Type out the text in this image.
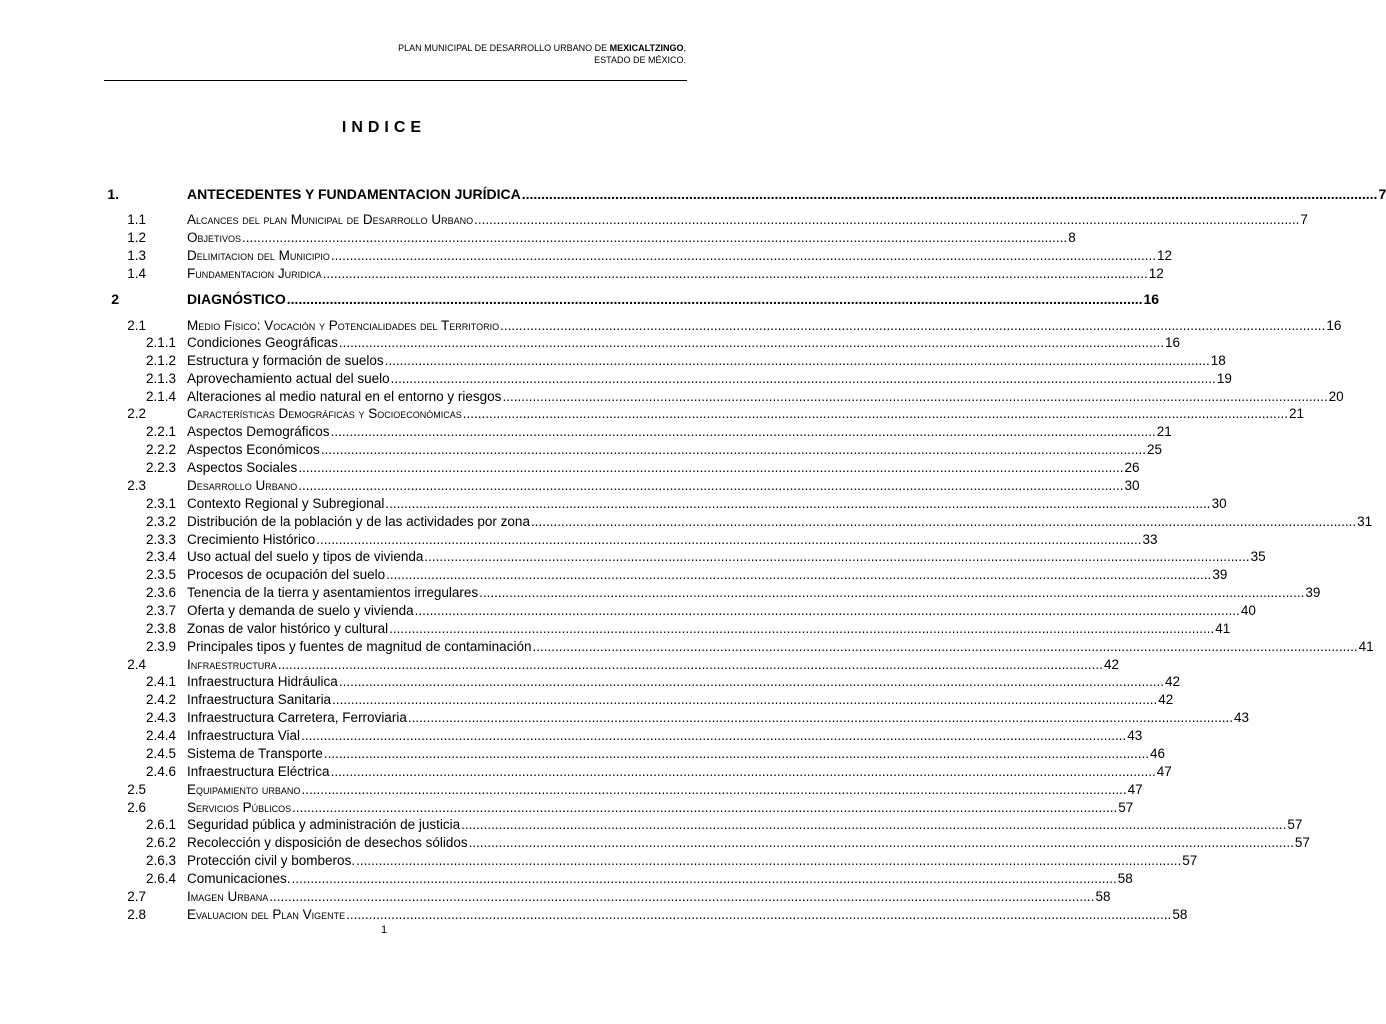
PLAN MUNICIPAL DE DESARROLLO URBANO DE MEXICALTZINGO,
ESTADO DE MÉXICO.
INDICE
1.	ANTECEDENTES Y FUNDAMENTACION JURÍDICA ............................................................................................................................................................................................................................ 7
1.1	Alcances del plan Municipal de Desarrollo Urbano ............................................................................................................................................................................................................................ 7
1.2	Objetivos ............................................................................................................................................................................................................................ 8
1.3	Delimitacion del Municipio ............................................................................................................................................................................................................................ 12
1.4	Fundamentacion Juridica ............................................................................................................................................................................................................................ 12
2	DIAGNÓSTICO ............................................................................................................................................................................................................................ 16
2.1	Medio Físico: Vocación y Potencialidades del Territorio ............................................................................................................................................................................................................................ 16
2.1.1 Condiciones Geográficas ............................................................................................................................................................................................................................ 16
2.1.2 Estructura y formación de suelos ............................................................................................................................................................................................................................ 18
2.1.3 Aprovechamiento actual del suelo ............................................................................................................................................................................................................................ 19
2.1.4 Alteraciones al medio natural en el entorno y riesgos ............................................................................................................................................................................................................................ 20
2.2	Características Demográficas y Socioeconómicas ............................................................................................................................................................................................................................ 21
2.2.1 Aspectos Demográficos ............................................................................................................................................................................................................................ 21
2.2.2 Aspectos Económicos ............................................................................................................................................................................................................................ 25
2.2.3 Aspectos Sociales ............................................................................................................................................................................................................................ 26
2.3	Desarrollo Urbano ............................................................................................................................................................................................................................ 30
2.3.1 Contexto Regional y Subregional ............................................................................................................................................................................................................................ 30
2.3.2 Distribución de la población y de las actividades por zona ............................................................................................................................................................................................................................ 31
2.3.3 Crecimiento Histórico ............................................................................................................................................................................................................................ 33
2.3.4 Uso actual del suelo y tipos de vivienda ............................................................................................................................................................................................................................ 35
2.3.5 Procesos de ocupación del suelo ............................................................................................................................................................................................................................ 39
2.3.6 Tenencia de la tierra y asentamientos irregulares ............................................................................................................................................................................................................................ 39
2.3.7 Oferta y demanda de suelo y vivienda ............................................................................................................................................................................................................................ 40
2.3.8 Zonas de valor histórico y cultural ............................................................................................................................................................................................................................ 41
2.3.9 Principales tipos y fuentes de magnitud de contaminación ............................................................................................................................................................................................................................ 41
2.4	Infraestructura ............................................................................................................................................................................................................................ 42
2.4.1 Infraestructura Hidráulica ............................................................................................................................................................................................................................ 42
2.4.2 Infraestructura Sanitaria ............................................................................................................................................................................................................................ 42
2.4.3 Infraestructura Carretera, Ferroviaria ............................................................................................................................................................................................................................ 43
2.4.4 Infraestructura Vial ............................................................................................................................................................................................................................ 43
2.4.5 Sistema de Transporte ............................................................................................................................................................................................................................ 46
2.4.6 Infraestructura Eléctrica ............................................................................................................................................................................................................................ 47
2.5	Equipamiento urbano ............................................................................................................................................................................................................................ 47
2.6	Servicios Públicos ............................................................................................................................................................................................................................ 57
2.6.1 Seguridad pública y administración de justicia ............................................................................................................................................................................................................................ 57
2.6.2 Recolección y disposición de desechos sólidos ............................................................................................................................................................................................................................ 57
2.6.3 Protección civil y bomberos. ............................................................................................................................................................................................................................ 57
2.6.4 Comunicaciones. ............................................................................................................................................................................................................................ 58
2.7	Imagen Urbana ............................................................................................................................................................................................................................ 58
2.8	Evaluacion del Plan Vigente ............................................................................................................................................................................................................................ 58
1
